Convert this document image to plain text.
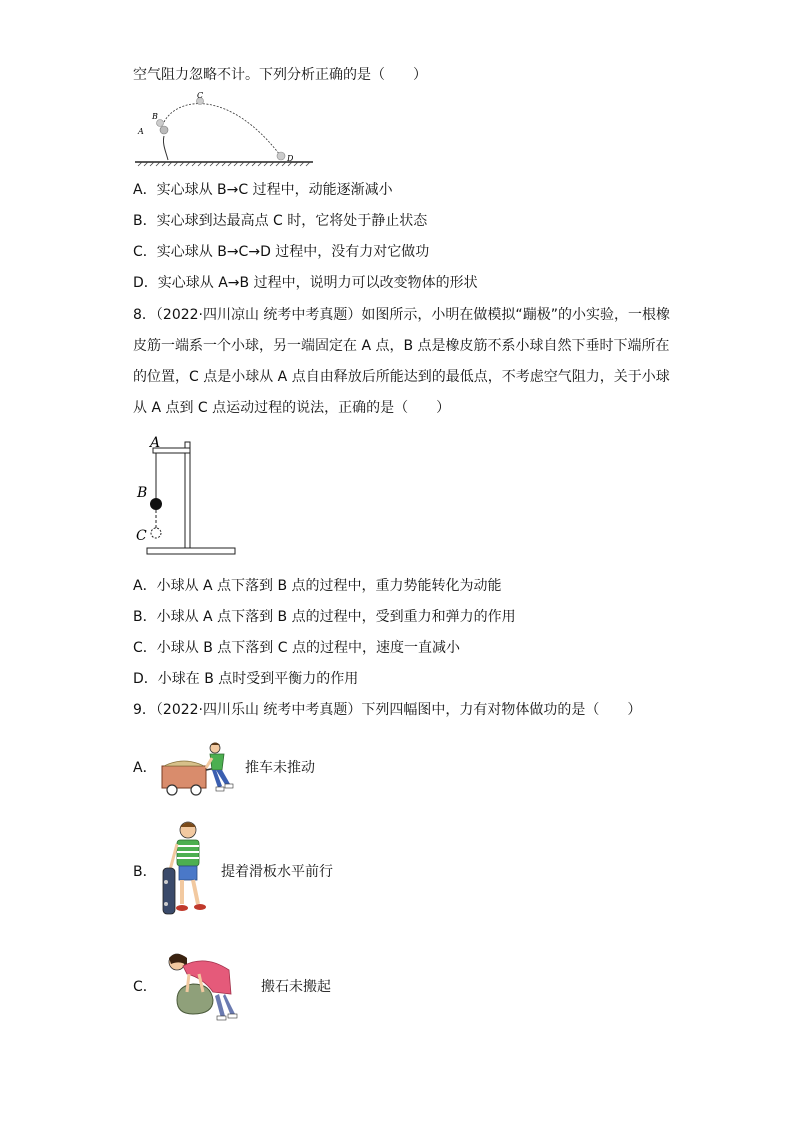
空气阻力忽略不计。下列分析正确的是（　　）
A
B
C
D
A．实心球从 B→C 过程中，动能逐渐减小
B．实心球到达最高点 C 时，它将处于静止状态
C．实心球从 B→C→D 过程中，没有力对它做功
D．实心球从 A→B 过程中，说明力可以改变物体的形状
8．（2022·四川凉山 统考中考真题）如图所示，小明在做模拟“蹦极”的小实验，一根橡
皮筋一端系一个小球，另一端固定在 A 点，B 点是橡皮筋不系小球自然下垂时下端所在
的位置，C 点是小球从 A 点自由释放后所能达到的最低点，不考虑空气阻力，关于小球
从 A 点到 C 点运动过程的说法，正确的是（　　）
A
B
C
A．小球从 A 点下落到 B 点的过程中，重力势能转化为动能
B．小球从 A 点下落到 B 点的过程中，受到重力和弹力的作用
C．小球从 B 点下落到 C 点的过程中，速度一直减小
D．小球在 B 点时受到平衡力的作用
9．（2022·四川乐山 统考中考真题）下列四幅图中，力有对物体做功的是（　　）
A．	推车未推动
B．	提着滑板水平前行
C．	搬石未搬起
